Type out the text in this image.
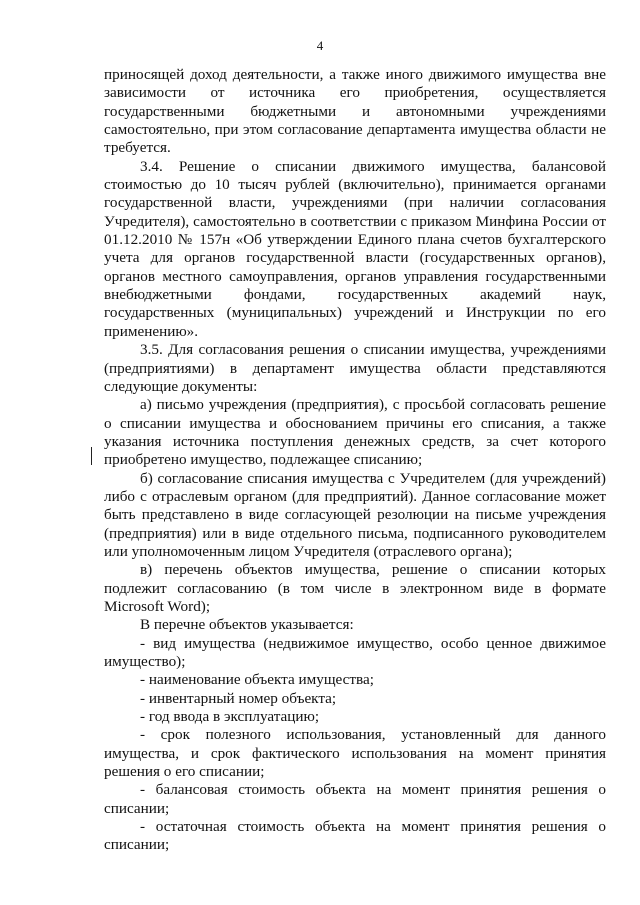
4

приносящей доход деятельности, а также иного движимого имущества вне зависимости от источника его приобретения, осуществляется государственными бюджетными и автономными учреждениями самостоятельно, при этом согласование департамента имущества области не требуется.

3.4. Решение о списании движимого имущества, балансовой стоимостью до 10 тысяч рублей (включительно), принимается органами государственной власти, учреждениями (при наличии согласования Учредителя), самостоятельно в соответствии с приказом Минфина России от 01.12.2010 № 157н «Об утверждении Единого плана счетов бухгалтерского учета для органов государственной власти (государственных органов), органов местного самоуправления, органов управления государственными внебюджетными фондами, государственных академий наук, государственных (муниципальных) учреждений и Инструкции по его применению».

3.5. Для согласования решения о списании имущества, учреждениями (предприятиями) в департамент имущества области представляются следующие документы:

а) письмо учреждения (предприятия), с просьбой согласовать решение о списании имущества и обоснованием причины его списания, а также указания источника поступления денежных средств, за счет которого приобретено имущество, подлежащее списанию;

б) согласование списания имущества с Учредителем (для учреждений) либо с отраслевым органом (для предприятий). Данное согласование может быть представлено в виде согласующей резолюции на письме учреждения (предприятия) или в виде отдельного письма, подписанного руководителем или уполномоченным лицом Учредителя (отраслевого органа);

в) перечень объектов имущества, решение о списании которых подлежит согласованию (в том числе в электронном виде в формате Microsoft Word);

В перечне объектов указывается:

- вид имущества (недвижимое имущество, особо ценное движимое имущество);

- наименование объекта имущества;

- инвентарный номер объекта;

- год ввода в эксплуатацию;

- срок полезного использования, установленный для данного имущества, и срок фактического использования на момент принятия решения о его списании;

- балансовая стоимость объекта на момент принятия решения о списании;

- остаточная стоимость объекта на момент принятия решения о списании;
